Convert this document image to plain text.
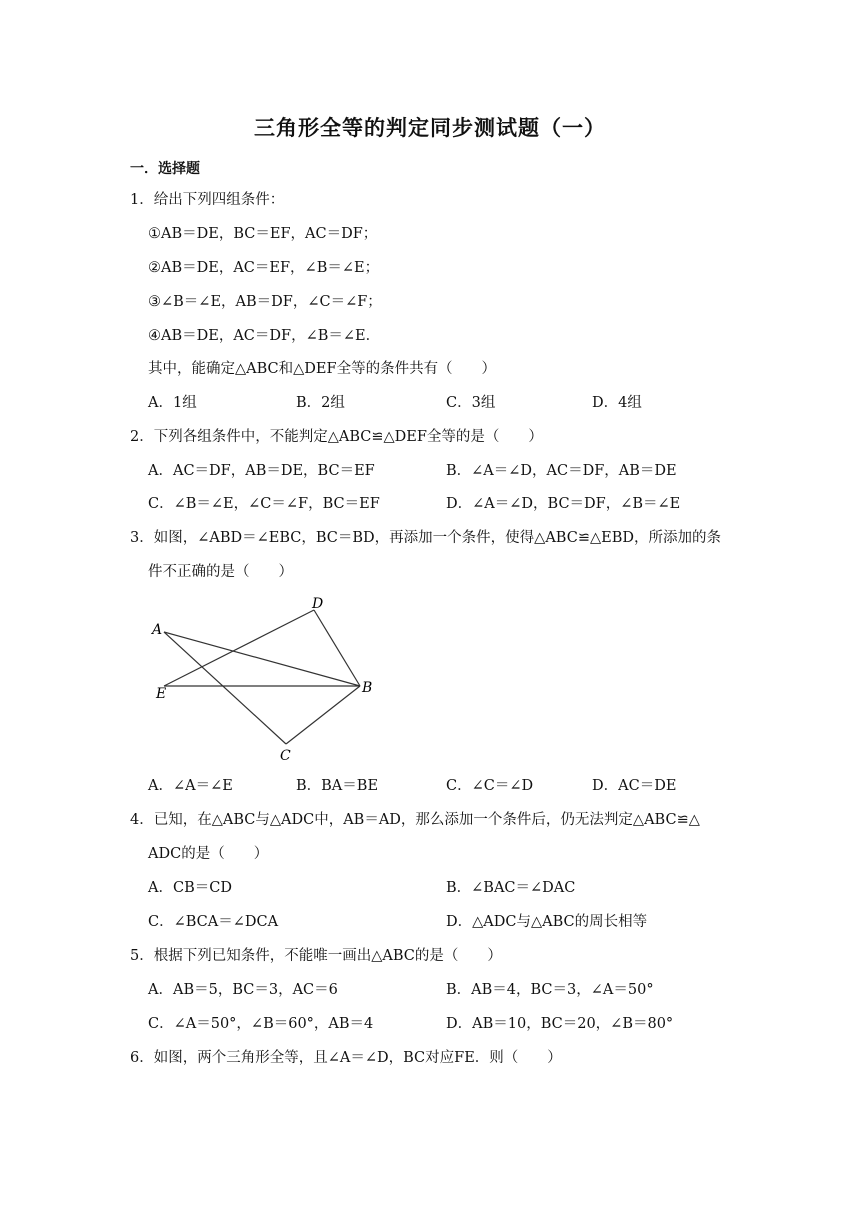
三角形全等的判定同步测试题（一）
一．选择题
1．给出下列四组条件：
①AB＝DE，BC＝EF，AC＝DF；
②AB＝DE，AC＝EF，∠B＝∠E；
③∠B＝∠E，AB＝DF，∠C＝∠F；
④AB＝DE，AC＝DF，∠B＝∠E．
其中，能确定△ABC和△DEF全等的条件共有（　　）
A．1组	B．2组	C．3组	D．4组
2．下列各组条件中，不能判定△ABC≌△DEF全等的是（　　）
A．AC＝DF，AB＝DE，BC＝EF	B．∠A＝∠D，AC＝DF，AB＝DE
C．∠B＝∠E，∠C＝∠F，BC＝EF	D．∠A＝∠D，BC＝DF，∠B＝∠E
3．如图，∠ABD＝∠EBC，BC＝BD，再添加一个条件，使得△ABC≌△EBD，所添加的条
件不正确的是（　　）
A
D
E	B
C
A．∠A＝∠E	B．BA＝BE	C．∠C＝∠D	D．AC＝DE
4．已知，在△ABC与△ADC中，AB＝AD，那么添加一个条件后，仍无法判定△ABC≌△
ADC的是（　　）
A．CB＝CD	B．∠BAC＝∠DAC
C．∠BCA＝∠DCA	D．△ADC与△ABC的周长相等
5．根据下列已知条件，不能唯一画出△ABC的是（　　）
A．AB＝5，BC＝3，AC＝6	B．AB＝4，BC＝3，∠A＝50°
C．∠A＝50°，∠B＝60°，AB＝4	D．AB＝10，BC＝20，∠B＝80°
6．如图，两个三角形全等，且∠A＝∠D，BC对应FE．则（　　）
